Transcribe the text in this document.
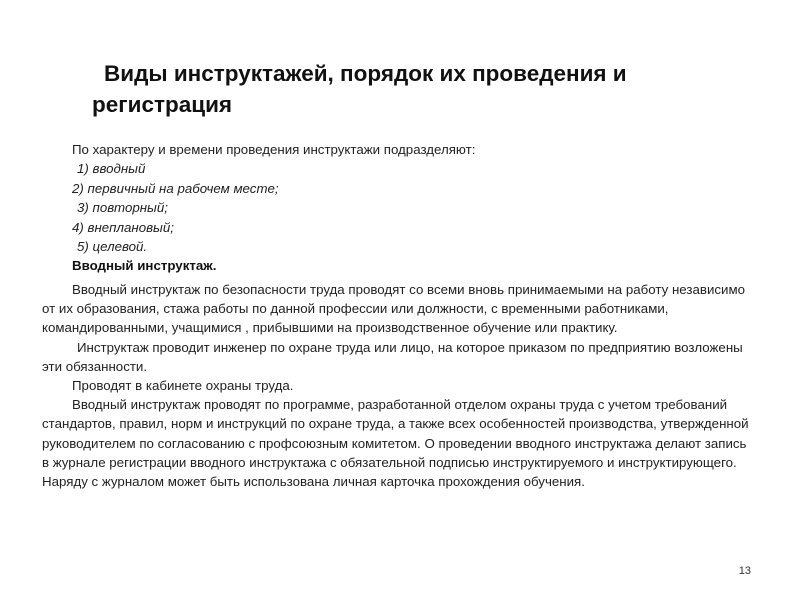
Виды инструктажей, порядок их проведения и регистрация

По характеру и времени проведения инструктажи подразделяют:

1) вводный

2) первичный на рабочем месте;

3) повторный;

4) внеплановый;

5) целевой.

Вводный инструктаж.

Вводный инструктаж по безопасности труда проводят со всеми вновь принимаемыми на работу независимо от их образования, стажа работы по данной профессии или должности, с временными работниками, командированными, учащимися , прибывшими на производственное обучение или практику.

Инструктаж проводит инженер по охране труда или лицо, на которое приказом по предприятию возложены эти обязанности.

Проводят в кабинете охраны труда.

Вводный инструктаж проводят по программе, разработанной отделом охраны труда с учетом требований стандартов, правил, норм и инструкций по охране труда, а также всех особенностей производства, утвержденной руководителем по согласованию с профсоюзным комитетом. О проведении вводного инструктажа делают запись в журнале регистрации вводного инструктажа с обязательной подписью инструктируемого и инструктирующего. Наряду с журналом может быть использована личная карточка прохождения обучения.

13
